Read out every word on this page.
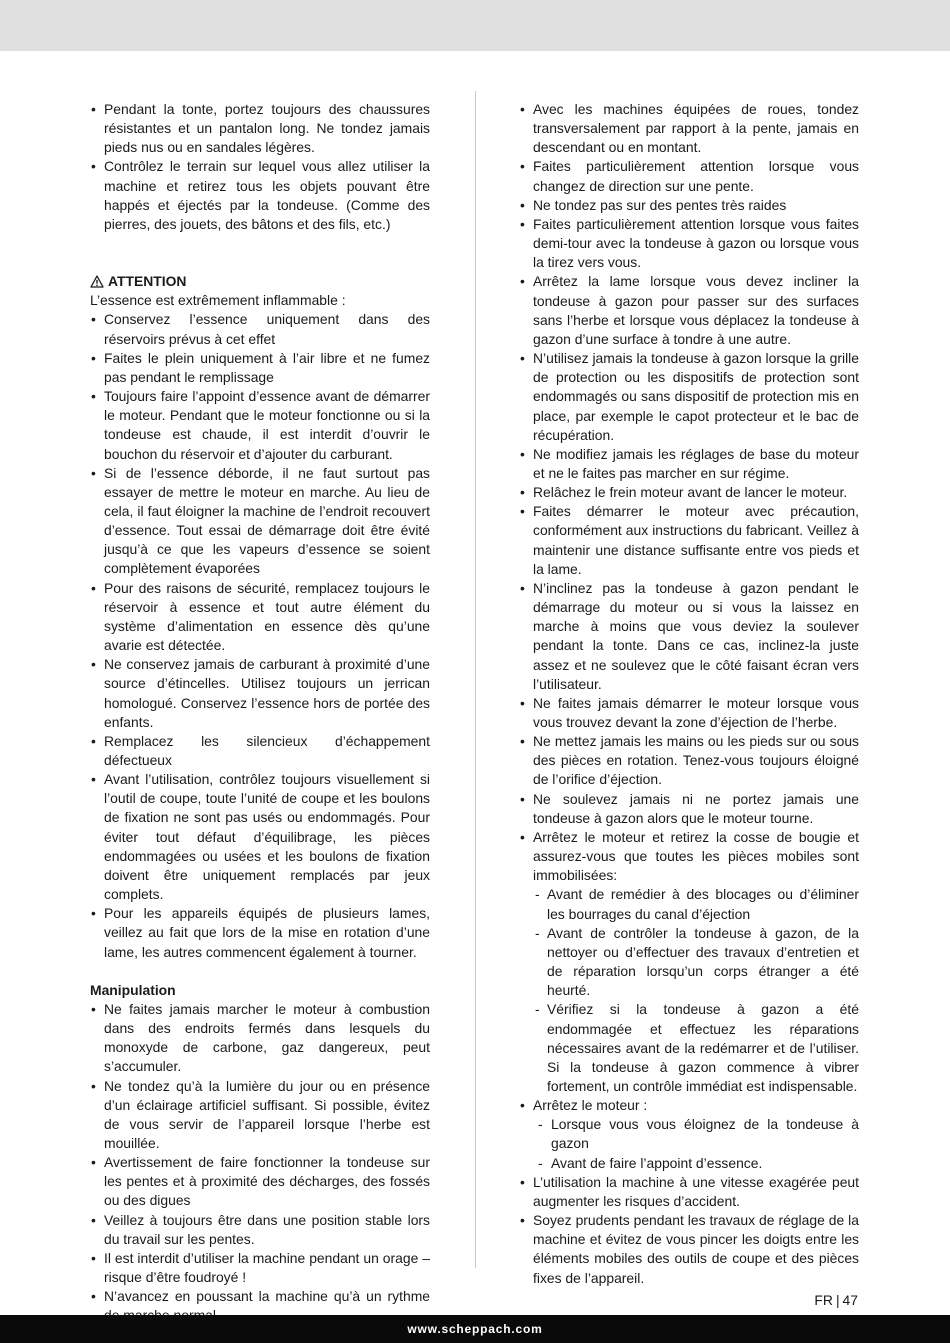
• Pendant la tonte, portez toujours des chaussures résistantes et un pantalon long. Ne tondez jamais pieds nus ou en sandales légères.
• Contrôlez le terrain sur lequel vous allez utiliser la machine et retirez tous les objets pouvant être happés et éjectés par la tondeuse. (Comme des pierres, des jouets, des bâtons et des fils, etc.)
ATTENTION
L’essence est extrêmement inflammable :
• Conservez l’essence uniquement dans des réservoirs prévus à cet effet
• Faites le plein uniquement à l’air libre et ne fumez pas pendant le remplissage
• Toujours faire l’appoint d’essence avant de démarrer le moteur. Pendant que le moteur fonctionne ou si la tondeuse est chaude, il est interdit d’ouvrir le bouchon du réservoir et d’ajouter du carburant.
• Si de l’essence déborde, il ne faut surtout pas essayer de mettre le moteur en marche. Au lieu de cela, il faut éloigner la machine de l’endroit recouvert d’essence. Tout essai de démarrage doit être évité jusqu’à ce que les vapeurs d’essence se soient complètement évaporées
• Pour des raisons de sécurité, remplacez toujours le réservoir à essence et tout autre élément du système d’alimentation en essence dès qu’une avarie est détectée.
• Ne conservez jamais de carburant à proximité d’une source d’étincelles. Utilisez toujours un jerrican homologué. Conservez l’essence hors de portée des enfants.
• Remplacez les silencieux d’échappement défectueux
• Avant l’utilisation, contrôlez toujours visuellement si l’outil de coupe, toute l’unité de coupe et les boulons de fixation ne sont pas usés ou endommagés. Pour éviter tout défaut d’équilibrage, les pièces endommagées ou usées et les boulons de fixation doivent être uniquement remplacés par jeux complets.
• Pour les appareils équipés de plusieurs lames, veillez au fait que lors de la mise en rotation d’une lame, les autres commencent également à tourner.
Manipulation
• Ne faites jamais marcher le moteur à combustion dans des endroits fermés dans lesquels du monoxyde de carbone, gaz dangereux, peut s’accumuler.
• Ne tondez qu’à la lumière du jour ou en présence d’un éclairage artificiel suffisant. Si possible, évitez de vous servir de l’appareil lorsque l’herbe est mouillée.
• Avertissement de faire fonctionner la tondeuse sur les pentes et à proximité des décharges, des fossés ou des digues
• Veillez à toujours être dans une position stable lors du travail sur les pentes.
• Il est interdit d’utiliser la machine pendant un orage – risque d’être foudroyé !
• N’avancez en poussant la machine qu’à un rythme
• Avec les machines équipées de roues, tondez transversalement par rapport à la pente, jamais en descendant ou en montant.
• Faites particulièrement attention lorsque vous changez de direction sur une pente.
• Ne tondez pas sur des pentes très raides
• Faites particulièrement attention lorsque vous faites demi-tour avec la tondeuse à gazon ou lorsque vous la tirez vers vous.
• Arrêtez la lame lorsque vous devez incliner la tondeuse à gazon pour passer sur des surfaces sans l’herbe et lorsque vous déplacez la tondeuse à gazon d’une surface à tondre à une autre.
• N’utilisez jamais la tondeuse à gazon lorsque la grille de protection ou les dispositifs de protection sont endommagés ou sans dispositif de protection mis en place, par exemple le capot protecteur et le bac de récupération.
• Ne modifiez jamais les réglages de base du moteur et ne le faites pas marcher en sur régime.
• Relâchez le frein moteur avant de lancer le moteur.
• Faites démarrer le moteur avec précaution, conformément aux instructions du fabricant. Veillez à maintenir une distance suffisante entre vos pieds et la lame.
• N’inclinez pas la tondeuse à gazon pendant le démarrage du moteur ou si vous la laissez en marche à moins que vous deviez la soulever pendant la tonte. Dans ce cas, inclinez-la juste assez et ne soulevez que le côté faisant écran vers l’utilisateur.
• Ne faites jamais démarrer le moteur lorsque vous vous trouvez devant la zone d’éjection de l’herbe.
• Ne mettez jamais les mains ou les pieds sur ou sous des pièces en rotation. Tenez-vous toujours éloigné de l’orifice d’éjection.
• Ne soulevez jamais ni ne portez jamais une tondeuse à gazon alors que le moteur tourne.
• Arrêtez le moteur et retirez la cosse de bougie et assurez-vous que toutes les pièces mobiles sont immobilisées:
- Avant de remédier à des blocages ou d’éliminer les bourrages du canal d’éjection
- Avant de contrôler la tondeuse à gazon, de la nettoyer ou d’effectuer des travaux d’entretien et de réparation lorsqu’un corps étranger a été heurté.
- Vérifiez si la tondeuse à gazon a été endommagée et effectuez les réparations nécessaires avant de la redémarrer et de l’utiliser. Si la tondeuse à gazon commence à vibrer fortement, un contrôle immédiat est indispensable.
• Arrêtez le moteur :
- Lorsque vous vous éloignez de la tondeuse à gazon
- Avant de faire l’appoint d’essence.
• L’utilisation la machine à une vitesse exagérée peut augmenter les risques d’accident.
• Soyez prudents pendant les travaux de réglage de la machine et évitez de vous pincer les doigts entre les éléments mobiles des outils de coupe et des pièces fixes de l’appareil.
FR | 47
www.scheppach.com
